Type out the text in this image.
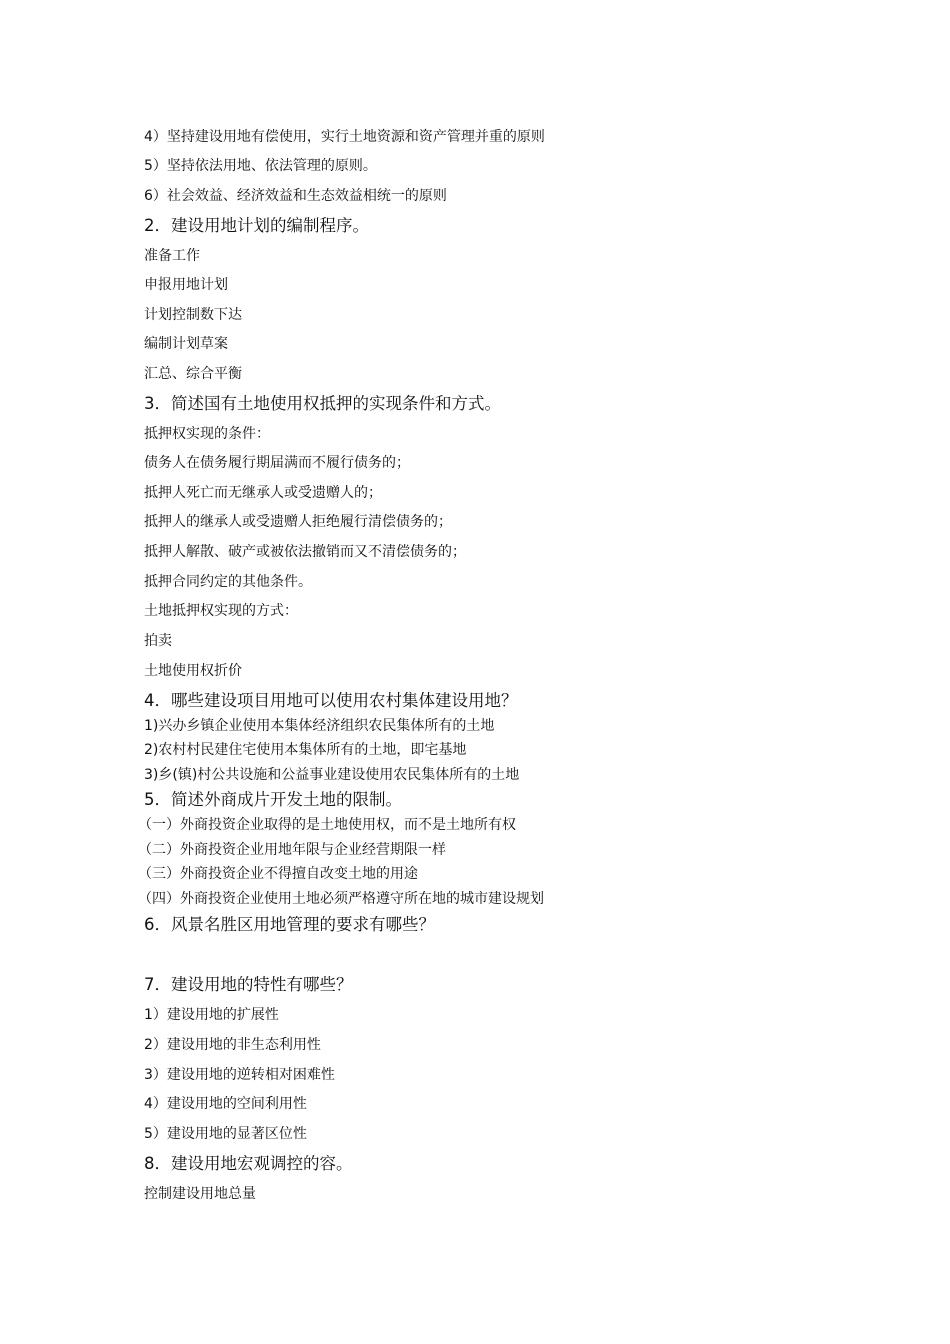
4）坚持建设用地有偿使用，实行土地资源和资产管理并重的原则
5）坚持依法用地、依法管理的原则。
6）社会效益、经济效益和生态效益相统一的原则
2．建设用地计划的编制程序。
准备工作
申报用地计划
计划控制数下达
编制计划草案
汇总、综合平衡
3．简述国有土地使用权抵押的实现条件和方式。
抵押权实现的条件：
债务人在债务履行期届满而不履行债务的；
抵押人死亡而无继承人或受遗赠人的；
抵押人的继承人或受遗赠人拒绝履行清偿债务的；
抵押人解散、破产或被依法撤销而又不清偿债务的；
抵押合同约定的其他条件。
土地抵押权实现的方式：
拍卖
土地使用权折价
4．哪些建设项目用地可以使用农村集体建设用地？
1)兴办乡镇企业使用本集体经济组织农民集体所有的土地
2)农村村民建住宅使用本集体所有的土地，即宅基地
3)乡(镇)村公共设施和公益事业建设使用农民集体所有的土地
5．简述外商成片开发土地的限制。
（一）外商投资企业取得的是土地使用权，而不是土地所有权
（二）外商投资企业用地年限与企业经营期限一样
（三）外商投资企业不得擅自改变土地的用途
（四）外商投资企业使用土地必须严格遵守所在地的城市建设规划
6．风景名胜区用地管理的要求有哪些？
7．建设用地的特性有哪些？
1）建设用地的扩展性
2）建设用地的非生态利用性
3）建设用地的逆转相对困难性
4）建设用地的空间利用性
5）建设用地的显著区位性
8．建设用地宏观调控的容。
控制建设用地总量
